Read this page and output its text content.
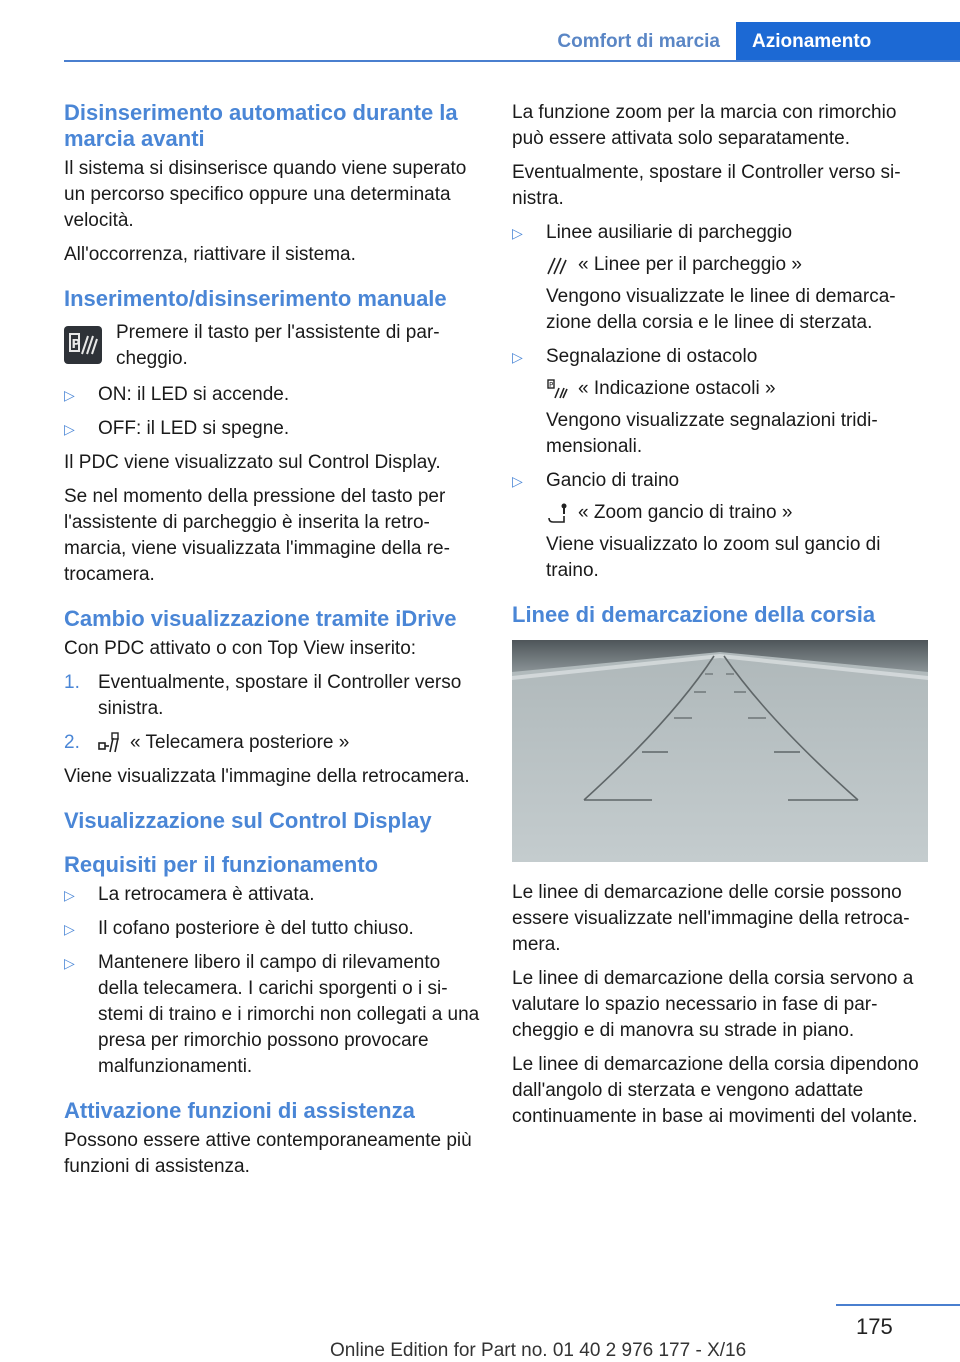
Comfort di marcia	Azionamento
Disinserimento automatico durante la marcia avanti

Il sistema si disinserisce quando viene superato un percorso specifico oppure una determinata velocità.

All'occorrenza, riattivare il sistema.

Inserimento/disinserimento manuale
P
Premere il tasto per l'assistente di parcheggio.
▷ ON: il LED si accende.
▷ OFF: il LED si spegne.

Il PDC viene visualizzato sul Control Display.

Se nel momento della pressione del tasto per l'assistente di parcheggio è inserita la retromarcia, viene visualizzata l'immagine della retrocamera.

Cambio visualizzazione tramite iDrive

Con PDC attivato o con Top View inserito:

1. Eventualmente, spostare il Controller verso sinistra.
2.	« Telecamera posteriore »

Viene visualizzata l'immagine della retrocamera.

Visualizzazione sul Control Display
Requisiti per il funzionamento
▷ La retrocamera è attivata.
▷ Il cofano posteriore è del tutto chiuso.
▷ Mantenere libero il campo di rilevamento della telecamera. I carichi sporgenti o i sistemi di traino e i rimorchi non collegati a una presa per rimorchio possono provocare malfunzionamenti.
Attivazione funzioni di assistenza

Possono essere attive contemporaneamente più funzioni di assistenza.

La funzione zoom per la marcia con rimorchio può essere attivata solo separatamente.

Eventualmente, spostare il Controller verso sinistra.

▷ Linee ausiliarie di parcheggio
« Linee per il parcheggio »
Vengono visualizzate le linee di demarcazione della corsia e le linee di sterzata.
▷ Segnalazione di ostacolo
P « Indicazione ostacoli »
Vengono visualizzate segnalazioni tridimensionali.
▷ Gancio di traino
« Zoom gancio di traino »
Viene visualizzato lo zoom sul gancio di traino.
Linee di demarcazione della corsia

Le linee di demarcazione delle corsie possono essere visualizzate nell'immagine della retrocamera.

Le linee di demarcazione della corsia servono a valutare lo spazio necessario in fase di parcheggio e di manovra su strade in piano.

Le linee di demarcazione della corsia dipendono dall'angolo di sterzata e vengono adattate continuamente in base ai movimenti del volante.

175
Online Edition for Part no. 01 40 2 976 177 - X/16
